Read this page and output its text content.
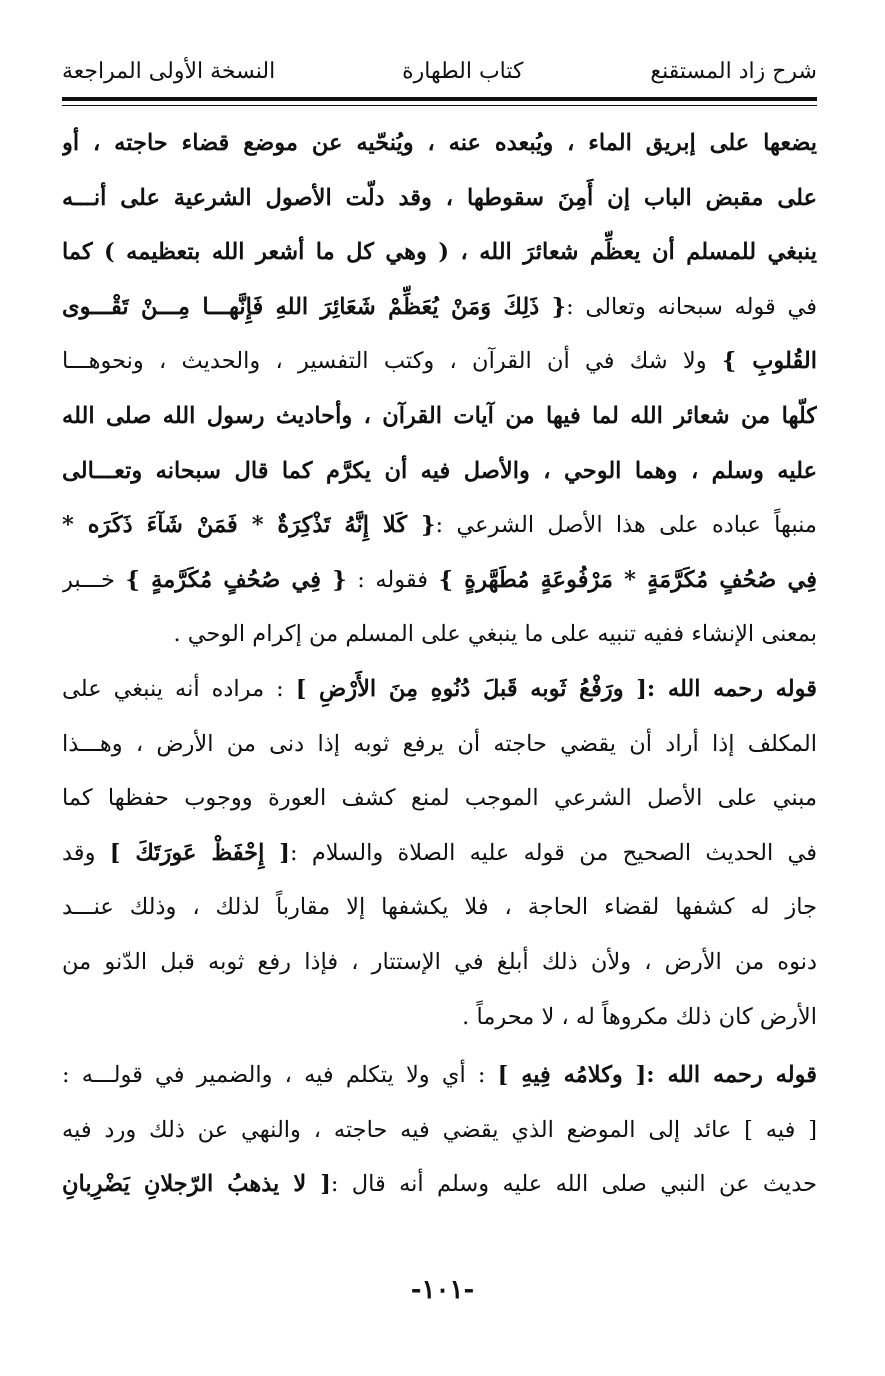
شرح زاد المستقنع
كتاب الطهارة
النسخة الأولى المراجعة
يضعها على إبريق الماء ، ويُبعده عنه ، ويُنحّيه عن موضع قضاء حاجته ، أو
على مقبض الباب إن أَمِنَ سقوطها ، وقد دلّت الأصول الشرعية على أنـــه
ينبغي للمسلم أن يعظِّم شعائرَ الله ، ( وهي كل ما أشعر الله بتعظيمه ) كما
في قوله سبحانه وتعالى :{ ذَلِكَ وَمَنْ يُعَظِّمْ شَعَائِرَ اللهِ فَإِنَّهـــا مِـــنْ تَقْـــوى
القُلوبِ } ولا شك في أن القرآن ، وكتب التفسير ، والحديث ، ونحوهـــا
كلّها من شعائر الله لما فيها من آيات القرآن ، وأحاديث رسول الله صلى الله
عليه وسلم ، وهما الوحي ، والأصل فيه أن يكرَّم كما قال سبحانه وتعـــالى
منبهاً عباده على هذا الأصل الشرعي :{ كَلا إِنَّهُ تَذْكِرَةٌ * فَمَنْ شَآءَ ذَكَرَه *
فِي صُحُفٍ مُكَرَّمَةٍ * مَرْفُوعَةٍ مُطَهَّرةٍ } فقوله : { فِي صُحُفٍ مُكَرَّمةٍ } خـــبر
بمعنى الإنشاء ففيه تنبيه على ما ينبغي على المسلم من إكرام الوحي .
قوله رحمه الله :[ ورَفْعُ ثَوبه قَبلَ دُنُوهِ مِنَ الأَرْضِ ] : مراده أنه ينبغي على
المكلف إذا أراد أن يقضي حاجته أن يرفع ثوبه إذا دنى من الأرض ، وهـــذا
مبني على الأصل الشرعي الموجب لمنع كشف العورة ووجوب حفظها كما
في الحديث الصحيح من قوله عليه الصلاة والسلام :[ إِحْفَظْ عَورَتَكَ ] وقد
جاز له كشفها لقضاء الحاجة ، فلا يكشفها إلا مقارباً لذلك ، وذلك عنـــد
دنوه من الأرض ، ولأن ذلك أبلغ في الإستتار ، فإذا رفع ثوبه قبل الدّنو من
الأرض كان ذلك مكروهاً له ، لا محرماً .
قوله رحمه الله :[ وكلامُه فِيهِ ] : أي ولا يتكلم فيه ، والضمير في قولـــه :
[ فيه ] عائد إلى الموضع الذي يقضي فيه حاجته ، والنهي عن ذلك ورد فيه
حديث عن النبي صلى الله عليه وسلم أنه قال :[ لا يذهبُ الرّجلانِ يَضْرِبانِ
-١٠١-
